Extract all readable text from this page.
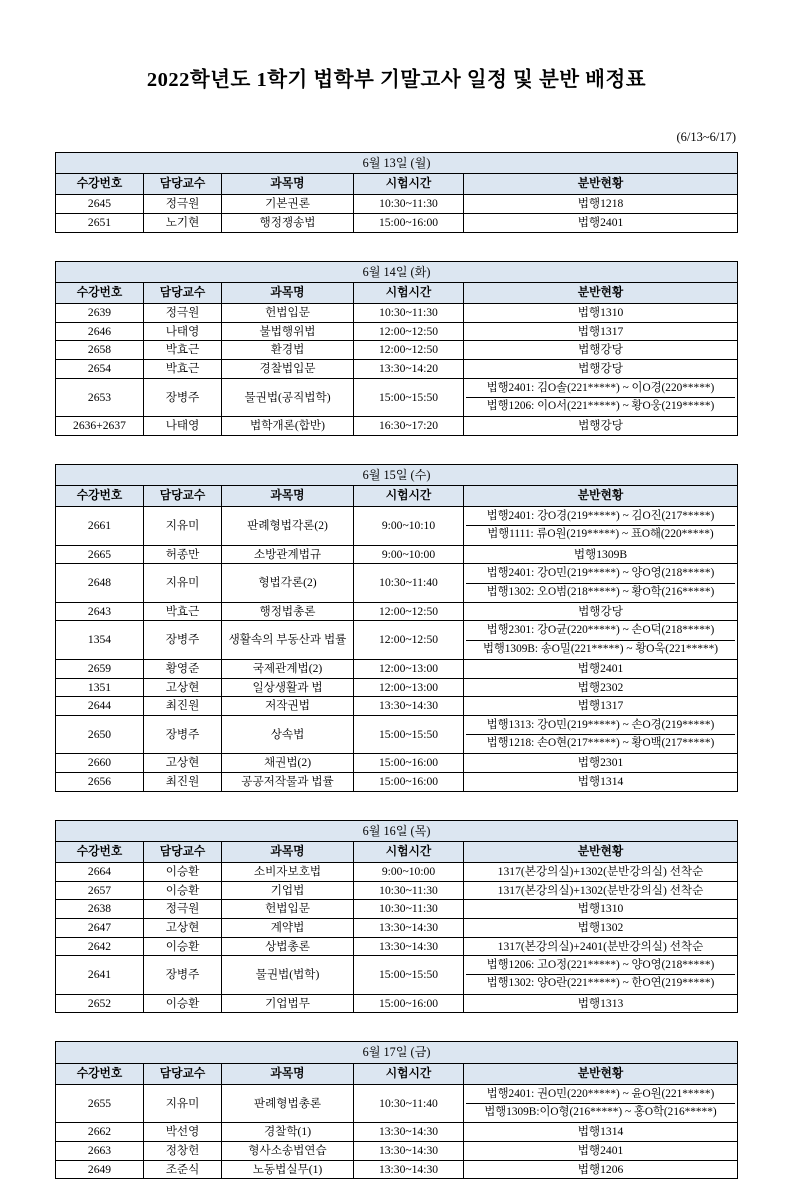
2022학년도 1학기 법학부 기말고사 일정 및 분반 배정표
(6/13~6/17)
6월 13일 (월)				
수강번호	담당교수	과목명	시험시간	분반현황
2645	정극원	기본권론	10:30~11:30	법행1218
2651	노기현	행정쟁송법	15:00~16:00	법행2401
6월 14일 (화)				
수강번호	담당교수	과목명	시험시간	분반현황
2639	정극원	헌법입문	10:30~11:30	법행1310
2646	나태영	불법행위법	12:00~12:50	법행1317
2658	박효근	환경법	12:00~12:50	법행강당
2654	박효근	경찰법입문	13:30~14:20	법행강당
2653	장병주	물권법(공직법학)	15:00~15:50	법행2401: 김O솔(221*****) ~ 이O경(220*****)
법행1206: 이O서(221*****) ~ 황O웅(219*****)

2636+2637	나태영	법학개론(합반)	16:30~17:20	법행강당
6월 15일 (수)				
수강번호	담당교수	과목명	시험시간	분반현황
2661	지유미	판례형법각론(2)	9:00~10:10	법행2401: 강O경(219*****) ~ 김O진(217*****)
법행1111: 류O원(219*****) ~ 표O해(220*****)

2665	허종만	소방관계법규	9:00~10:00	법행1309B
2648	지유미	형법각론(2)	10:30~11:40	법행2401: 강O민(219*****) ~ 양O영(218*****)
법행1302: 오O범(218*****) ~ 황O학(216*****)

2643	박효근	행정법총론	12:00~12:50	법행강당
1354	장병주	생활속의 부동산과 법률	12:00~12:50	법행2301: 강O균(220*****) ~ 손O덕(218*****)
법행1309B: 송O밀(221*****) ~ 황O욱(221*****)

2659	황영준	국제관계법(2)	12:00~13:00	법행2401
1351	고상현	일상생활과 법	12:00~13:00	법행2302
2644	최진원	저작권법	13:30~14:30	법행1317
2650	장병주	상속법	15:00~15:50	법행1313: 강O민(219*****) ~ 손O경(219*****)
법행1218: 손O현(217*****) ~ 황O백(217*****)

2660	고상현	채권법(2)	15:00~16:00	법행2301
2656	최진원	공공저작물과 법률	15:00~16:00	법행1314
6월 16일 (목)				
수강번호	담당교수	과목명	시험시간	분반현황
2664	이승환	소비자보호법	9:00~10:00	1317(본강의실)+1302(분반강의실) 선착순
2657	이승환	기업법	10:30~11:30	1317(본강의실)+1302(분반강의실) 선착순
2638	정극원	헌법입문	10:30~11:30	법행1310
2647	고상현	계약법	13:30~14:30	법행1302
2642	이승환	상법총론	13:30~14:30	1317(본강의실)+2401(분반강의실) 선착순
2641	장병주	물권법(법학)	15:00~15:50	법행1206: 고O정(221*****) ~ 양O영(218*****)
법행1302: 양O란(221*****) ~ 한O연(219*****)

2652	이승환	기업법무	15:00~16:00	법행1313
6월 17일 (금)				
수강번호	담당교수	과목명	시험시간	분반현황
2655	지유미	판례형법총론	10:30~11:40	법행2401: 권O민(220*****) ~ 윤O원(221*****)
법행1309B:이O형(216*****) ~ 홍O학(216*****)

2662	박선영	경찰학(1)	13:30~14:30	법행1314
2663	정창헌	형사소송법연습	13:30~14:30	법행2401
2649	조준식	노동법실무(1)	13:30~14:30	법행1206
